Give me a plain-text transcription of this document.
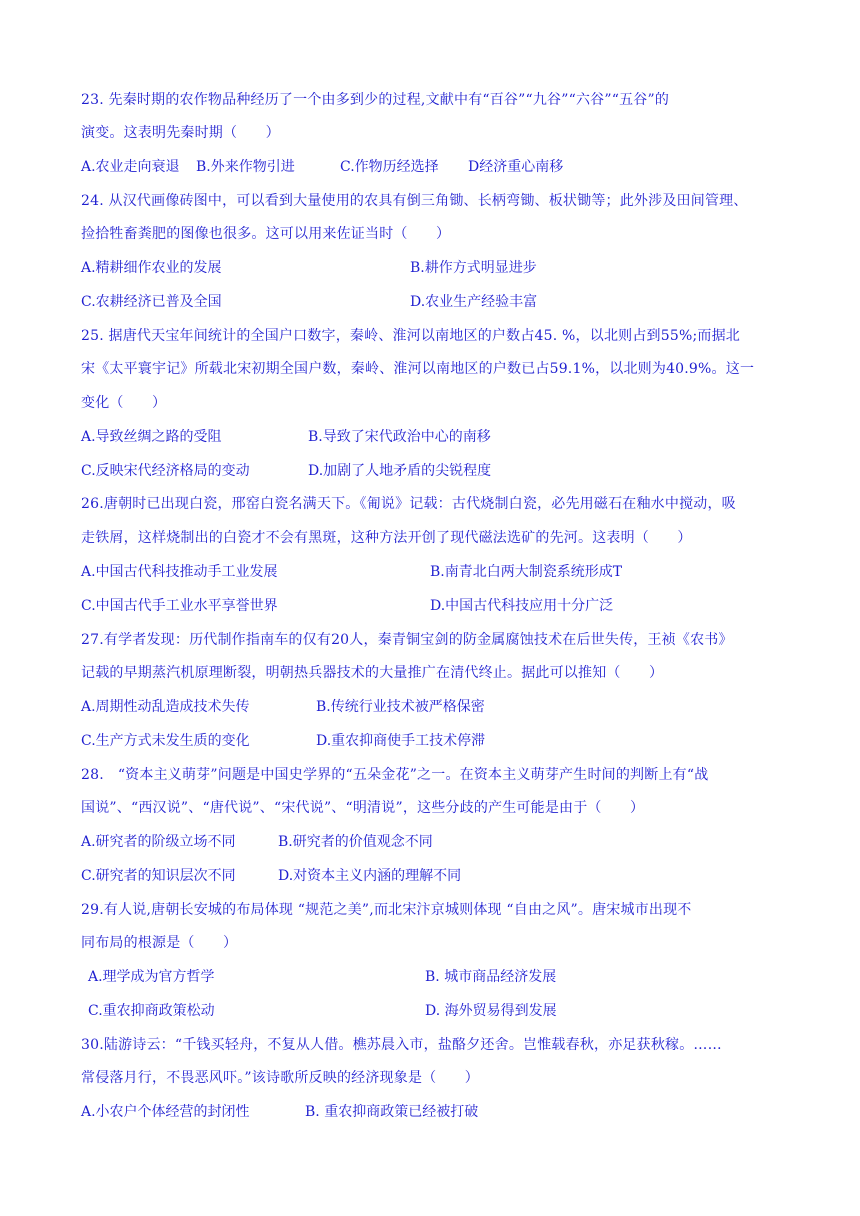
23. 先秦时期的农作物品种经历了一个由多到少的过程,文献中有“百谷”“九谷”“六谷”“五谷”的
演变。这表明先秦时期（　　）
A.农业走向衰退 B.外来作物引进	C.作物历经选择 D经济重心南移
24. 从汉代画像砖图中，可以看到大量使用的农具有倒三角锄、长柄弯锄、板状锄等；此外涉及田间管理、
捡拾牲畜粪肥的图像也很多。这可以用来佐证当时（　　）
A.精耕细作农业的发展	B.耕作方式明显进步
C.农耕经济已普及全国	D.农业生产经验丰富
25. 据唐代天宝年间统计的全国户口数字，秦岭、淮河以南地区的户数占45. %，以北则占到55%;而据北
宋《太平寰宇记》所载北宋初期全国户数，秦岭、淮河以南地区的户数已占59.1%，以北则为40.9%。这一
变化（　　）
A.导致丝绸之路的受阻	B.导致了宋代政治中心的南移
C.反映宋代经济格局的变动	D.加剧了人地矛盾的尖锐程度
26.唐朝时已出现白瓷，邢窑白瓷名满天下。《匍说》记载：古代烧制白瓷，必先用磁石在釉水中搅动，吸
走铁屑，这样烧制出的白瓷才不会有黑斑，这种方法开创了现代磁法选矿的先河。这表明（　　）
A.中国古代科技推动手工业发展	B.南青北白两大制瓷系统形成T
C.中国古代手工业水平享誉世界	D.中国古代科技应用十分广泛
27.有学者发现：历代制作指南车的仅有20人，秦青铜宝剑的防金属腐蚀技术在后世失传，王祯《农书》
记载的早期蒸汽机原理断裂，明朝热兵器技术的大量推广在清代终止。据此可以推知（　　）
A.周期性动乱造成技术失传	B.传统行业技术被严格保密
C.生产方式未发生质的变化	D.重农抑商使手工技术停滞
28. “资本主义萌芽”问题是中国史学界的“五朵金花”之一。在资本主义萌芽产生时间的判断上有“战
国说”、“西汉说”、“唐代说”、“宋代说”、“明清说”，这些分歧的产生可能是由于（　　）
A.研究者的阶级立场不同	B.研究者的价值观念不同
C.研究者的知识层次不同	D.对资本主义内涵的理解不同
29.有人说,唐朝长安城的布局体现 “规范之美”,而北宋汴京城则体现 “自由之风”。唐宋城市出现不
同布局的根源是（　　）
A.理学成为官方哲学	B. 城市商品经济发展
C.重农抑商政策松动	D. 海外贸易得到发展
30.陆游诗云：“千钱买轻舟，不复从人借。樵苏晨入市，盐酪夕还舍。岂惟载春秋，亦足获秋稼。……
常侵落月行，不畏恶风吓。”该诗歌所反映的经济现象是（　　）
A.小农户个体经营的封闭性	B. 重农抑商政策已经被打破
